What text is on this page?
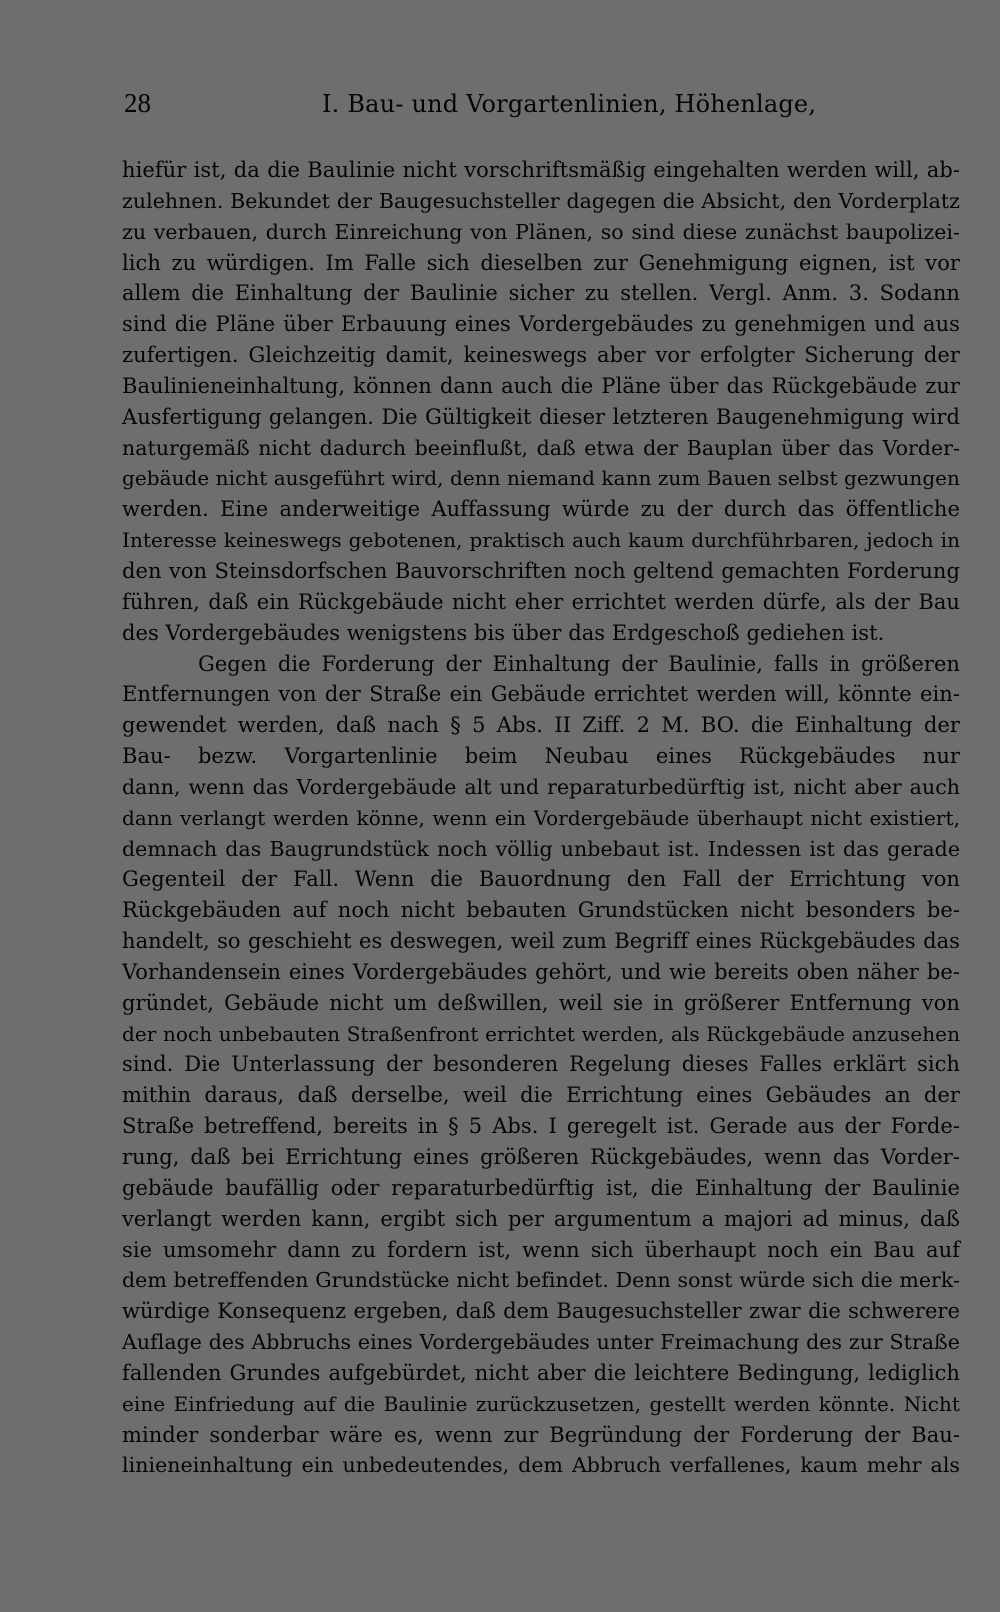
28	I. Bau- und Vorgartenlinien, Höhenlage,
hiefür ist, da die Baulinie nicht vorschriftsmäßig eingehalten werden will, ab-
zulehnen. Bekundet der Baugesuchsteller dagegen die Absicht, den Vorderplatz
zu verbauen, durch Einreichung von Plänen, so sind diese zunächst baupolizei-
lich zu würdigen. Im Falle sich dieselben zur Genehmigung eignen, ist vor
allem die Einhaltung der Baulinie sicher zu stellen. Vergl. Anm. 3. Sodann
sind die Pläne über Erbauung eines Vordergebäudes zu genehmigen und aus
zufertigen. Gleichzeitig damit, keineswegs aber vor erfolgter Sicherung der
Baulinieneinhaltung, können dann auch die Pläne über das Rückgebäude zur
Ausfertigung gelangen. Die Gültigkeit dieser letzteren Baugenehmigung wird
naturgemäß nicht dadurch beeinflußt, daß etwa der Bauplan über das Vorder-
gebäude nicht ausgeführt wird, denn niemand kann zum Bauen selbst gezwungen
werden. Eine anderweitige Auffassung würde zu der durch das öffentliche
Interesse keineswegs gebotenen, praktisch auch kaum durchführbaren, jedoch in
den von Steinsdorfschen Bauvorschriften noch geltend gemachten Forderung
führen, daß ein Rückgebäude nicht eher errichtet werden dürfe, als der Bau
des Vordergebäudes wenigstens bis über das Erdgeschoß gediehen ist.
Gegen die Forderung der Einhaltung der Baulinie, falls in größeren
Entfernungen von der Straße ein Gebäude errichtet werden will, könnte ein-
gewendet werden, daß nach § 5 Abs. II Ziff. 2 M. BO. die Einhaltung der
Bau- bezw. Vorgartenlinie beim Neubau eines Rückgebäudes nur
dann, wenn das Vordergebäude alt und reparaturbedürftig ist, nicht aber auch
dann verlangt werden könne, wenn ein Vordergebäude überhaupt nicht existiert,
demnach das Baugrundstück noch völlig unbebaut ist. Indessen ist das gerade
Gegenteil der Fall. Wenn die Bauordnung den Fall der Errichtung von
Rückgebäuden auf noch nicht bebauten Grundstücken nicht besonders be-
handelt, so geschieht es deswegen, weil zum Begriff eines Rückgebäudes das
Vorhandensein eines Vordergebäudes gehört, und wie bereits oben näher be-
gründet, Gebäude nicht um deßwillen, weil sie in größerer Entfernung von
der noch unbebauten Straßenfront errichtet werden, als Rückgebäude anzusehen
sind. Die Unterlassung der besonderen Regelung dieses Falles erklärt sich
mithin daraus, daß derselbe, weil die Errichtung eines Gebäudes an der
Straße betreffend, bereits in § 5 Abs. I geregelt ist. Gerade aus der Forde-
rung, daß bei Errichtung eines größeren Rückgebäudes, wenn das Vorder-
gebäude baufällig oder reparaturbedürftig ist, die Einhaltung der Baulinie
verlangt werden kann, ergibt sich per argumentum a majori ad minus, daß
sie umsomehr dann zu fordern ist, wenn sich überhaupt noch ein Bau auf
dem betreffenden Grundstücke nicht befindet. Denn sonst würde sich die merk-
würdige Konsequenz ergeben, daß dem Baugesuchsteller zwar die schwerere
Auflage des Abbruchs eines Vordergebäudes unter Freimachung des zur Straße
fallenden Grundes aufgebürdet, nicht aber die leichtere Bedingung, lediglich
eine Einfriedung auf die Baulinie zurückzusetzen, gestellt werden könnte. Nicht
minder sonderbar wäre es, wenn zur Begründung der Forderung der Bau-
linieneinhaltung ein unbedeutendes, dem Abbruch verfallenes, kaum mehr als
